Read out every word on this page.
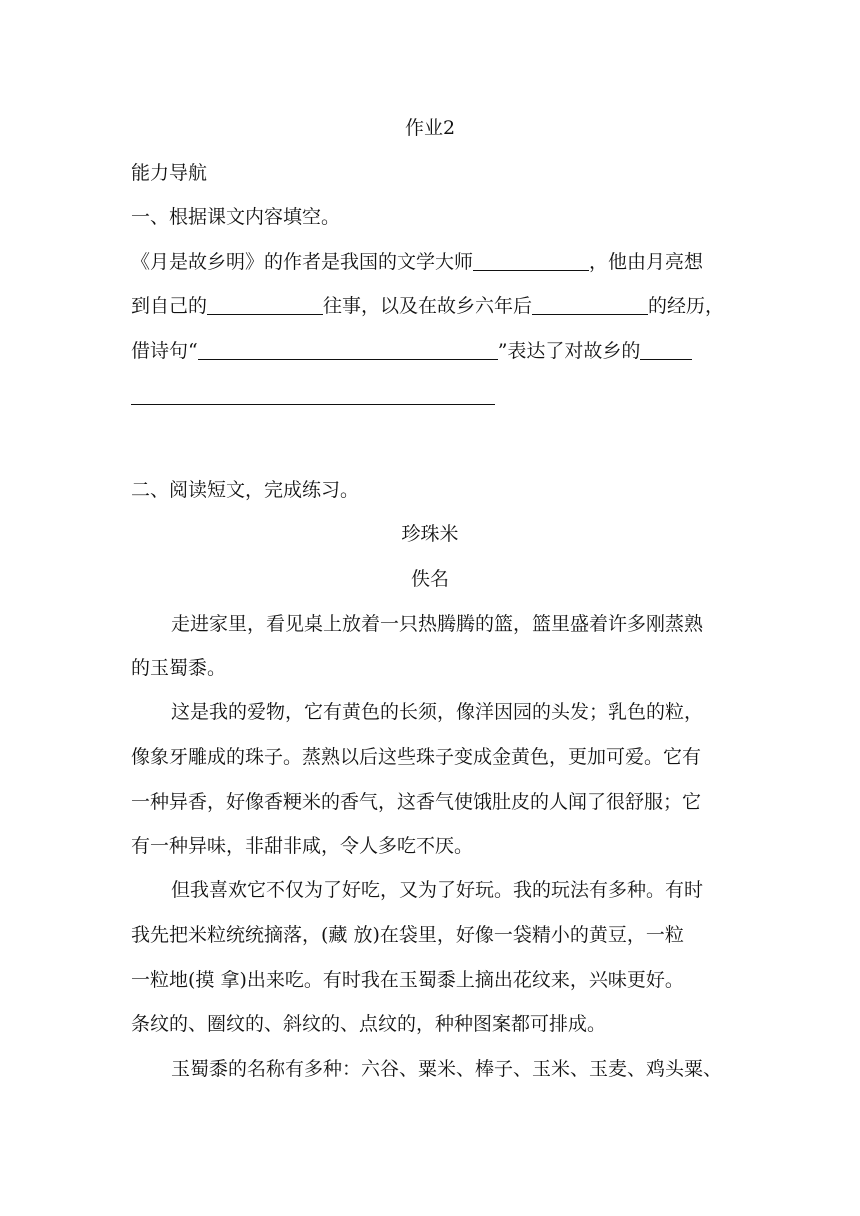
作业2
能力导航
一、根据课文内容填空。
《月是故乡明》的作者是我国的文学大师	，他由月亮想
到自己的	往事，以及在故乡六年后	的经历，
借诗句“	”表达了对故乡的
二、阅读短文，完成练习。
珍珠米
佚名
走进家里，看见桌上放着一只热腾腾的篮，篮里盛着许多刚蒸熟
的玉蜀黍。
这是我的爱物，它有黄色的长须，像洋因园的头发；乳色的粒，
像象牙雕成的珠子。蒸熟以后这些珠子变成金黄色，更加可爱。它有
一种异香，好像香粳米的香气，这香气使饿肚皮的人闻了很舒服；它
有一种异味，非甜非咸，令人多吃不厌。
但我喜欢它不仅为了好吃，又为了好玩。我的玩法有多种。有时
我先把米粒统统摘落，(藏 放)在袋里，好像一袋精小的黄豆，一粒
一粒地(摸 拿)出来吃。有时我在玉蜀黍上摘出花纹来，兴味更好。
条纹的、圈纹的、斜纹的、点纹的，种种图案都可排成。
玉蜀黍的名称有多种：六谷、粟米、棒子、玉米、玉麦、鸡头粟、
